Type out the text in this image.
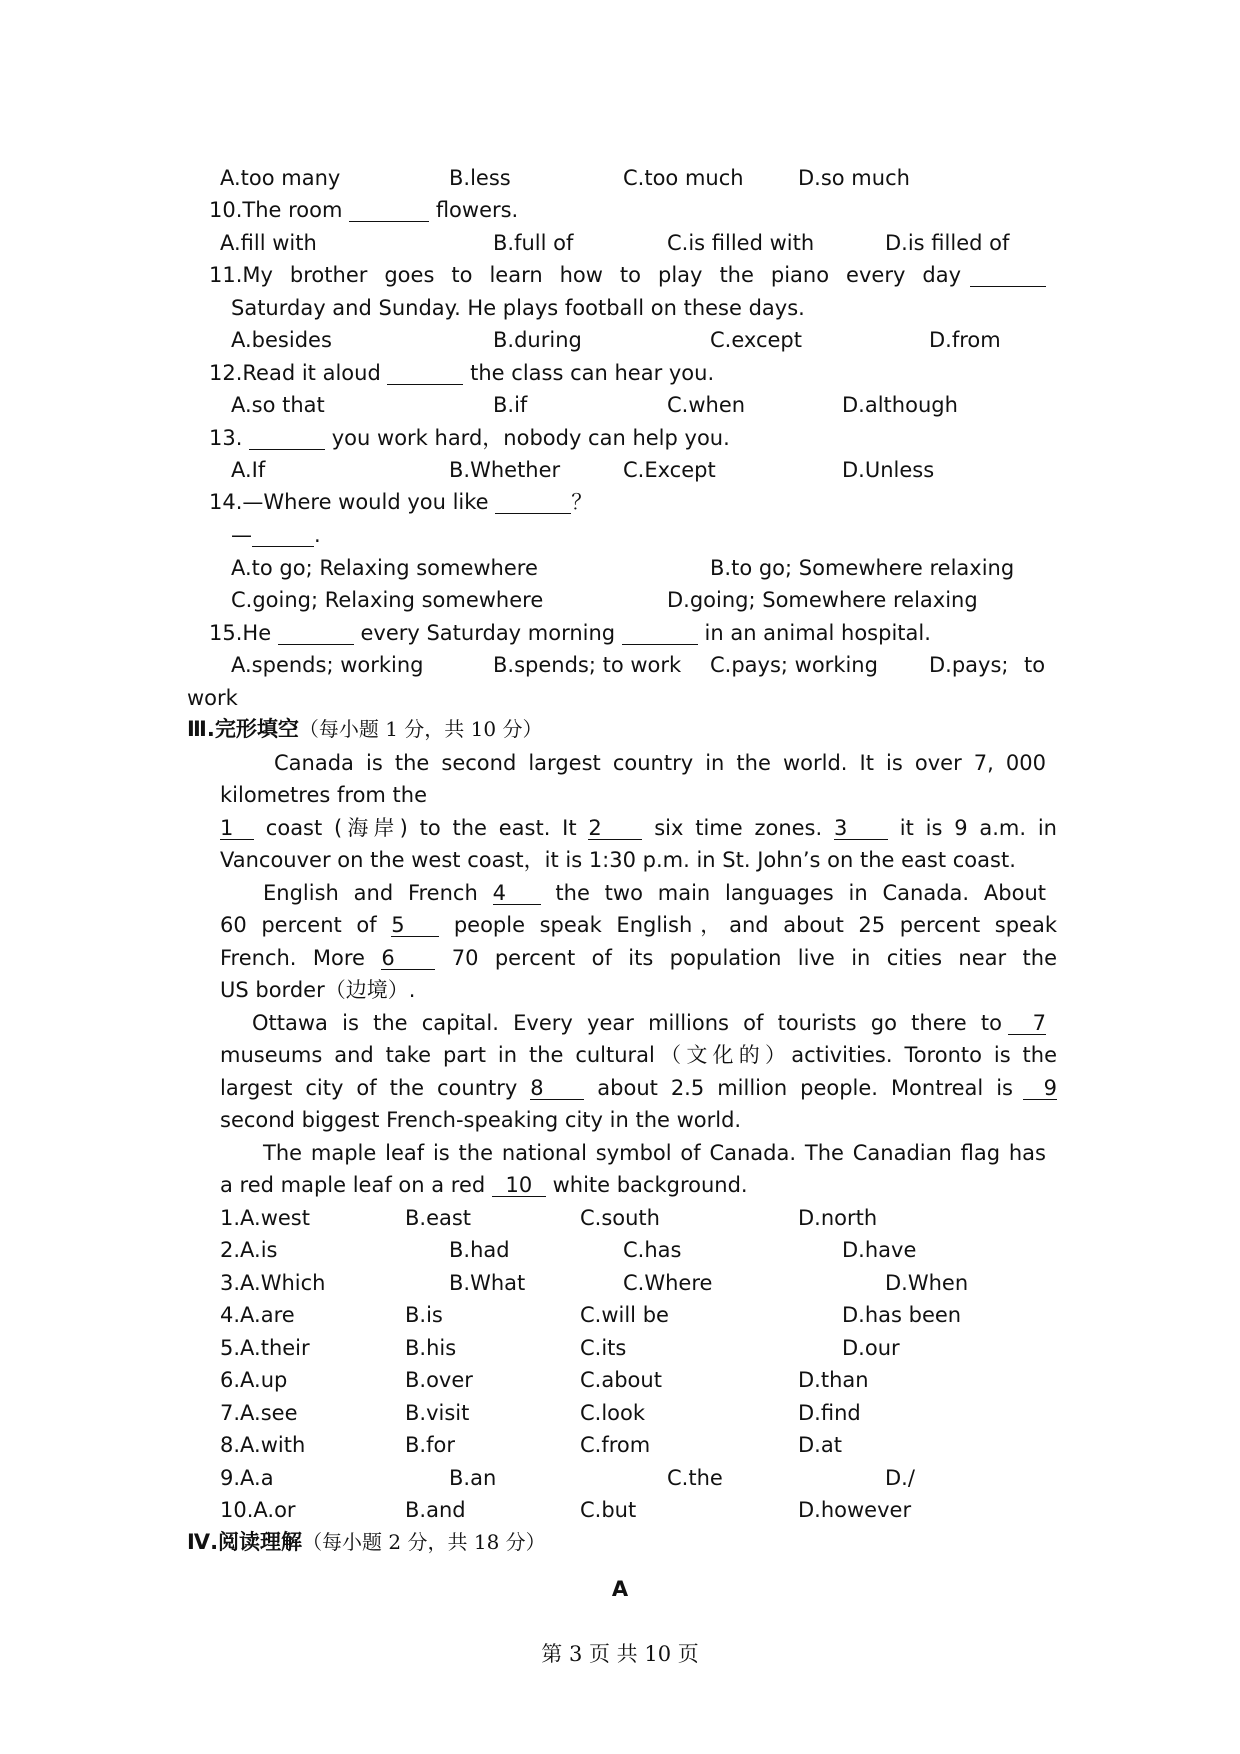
A.too many	B.less	C.too much	D.so much
10.The room	flowers.
A.fill with	B.full of	C.is filled with	D.is filled of
11.My brother goes to learn how to play the piano every day

Saturday and Sunday. He plays football on these days.
A.besides	B.during	C.except	D.from
12.Read it aloud	the class can hear you.
A.so that	B.if	C.when	D.although
13.	you work hard，nobody can help you.
A.If	B.Whether	C.Except	D.Unless
14.—Where would you like	？
—	.
A.to go; Relaxing somewhere	B.to go; Somewhere relaxing
C.going; Relaxing somewhere	D.going; Somewhere relaxing
15.He	every Saturday morning	in an animal hospital.
A.spends; working	B.spends; to work C.pays; working D.pays; to
work
Ⅲ.完形填空（每小题 1 分，共 10 分）
Canada is the second largest country in the world. It is over 7, 000
kilometres from the
1 coast (海岸) to the east. It 2 six time zones. 3 it is 9 a.m. in
Vancouver on the west coast，it is 1:30 p.m. in St. John’s on the east coast.
English and French 4 the two main languages in Canada. About
60 percent of 5 people speak English，and about 25 percent speak
French. More 6 70 percent of its population live in cities near the
US border（边境）.
Ottawa is the capital. Every year millions of tourists go there to	7
museums and take part in the cultural（文化的）activities. Toronto is the
largest city of the country 8 about 2.5 million people. Montreal is	9
second biggest French-speaking city in the world.
The maple leaf is the national symbol of Canada. The Canadian flag has
a red maple leaf on a red 10 white background.
1.A.west	B.east	C.south	D.north
2.A.is	B.had	C.has	D.have
3.A.Which	B.What	C.Where	D.When
4.A.are	B.is	C.will be	D.has been
5.A.their	B.his	C.its	D.our
6.A.up	B.over	C.about	D.than
7.A.see	B.visit	C.look	D.find
8.A.with	B.for	C.from	D.at
9.A.a	B.an	C.the	D./
10.A.or	B.and	C.but	D.however
Ⅳ.阅读理解（每小题 2 分，共 18 分）
A
第 3 页 共 10 页
